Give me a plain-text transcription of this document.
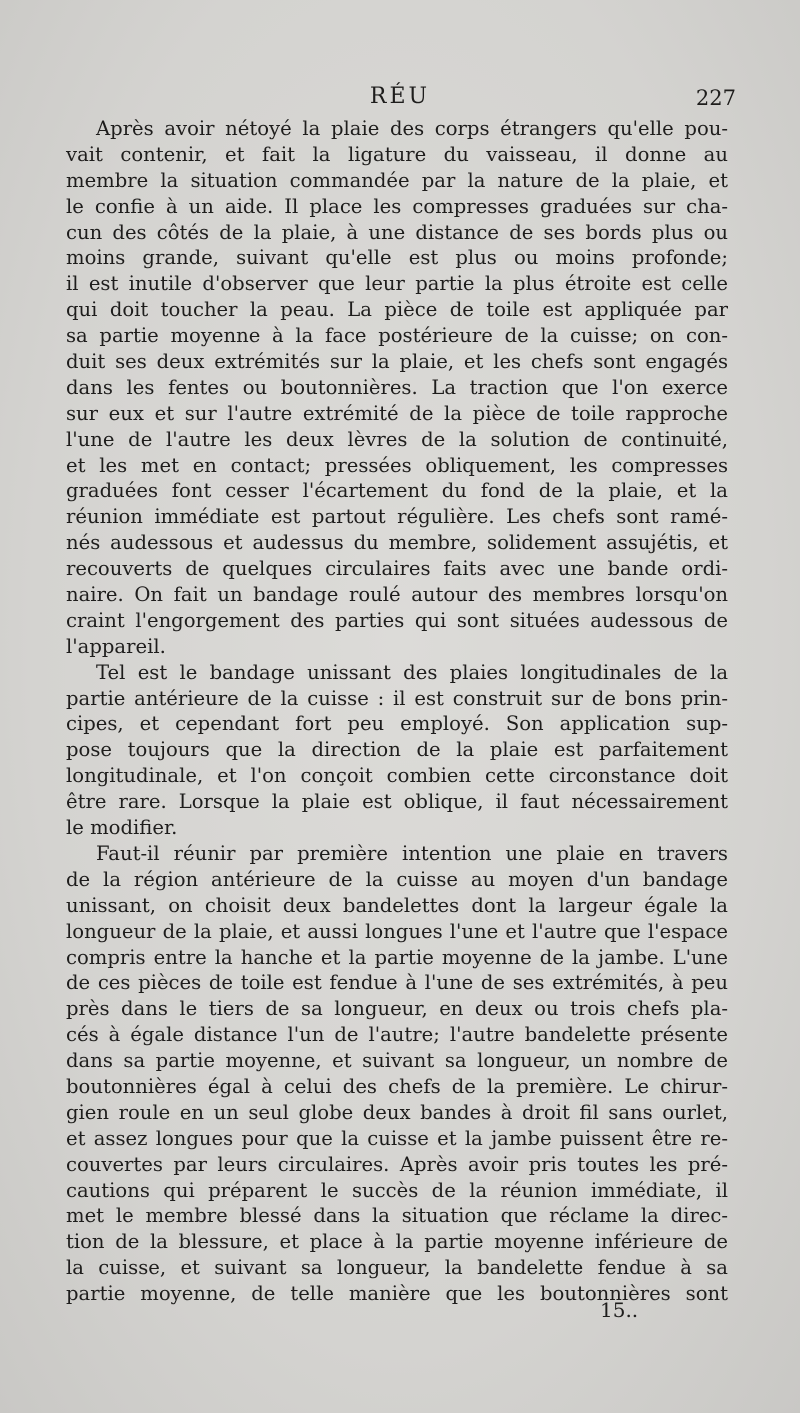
RÉU	227
Après avoir nétoyé la plaie des corps étrangers qu'elle pou-
vait contenir, et fait la ligature du vaisseau, il donne au
membre la situation commandée par la nature de la plaie, et
le confie à un aide. Il place les compresses graduées sur cha-
cun des côtés de la plaie, à une distance de ses bords plus ou
moins grande, suivant qu'elle est plus ou moins profonde;
il est inutile d'observer que leur partie la plus étroite est celle
qui doit toucher la peau. La pièce de toile est appliquée par
sa partie moyenne à la face postérieure de la cuisse; on con-
duit ses deux extrémités sur la plaie, et les chefs sont engagés
dans les fentes ou boutonnières. La traction que l'on exerce
sur eux et sur l'autre extrémité de la pièce de toile rapproche
l'une de l'autre les deux lèvres de la solution de continuité,
et les met en contact; pressées obliquement, les compresses
graduées font cesser l'écartement du fond de la plaie, et la
réunion immédiate est partout régulière. Les chefs sont ramé-
nés audessous et audessus du membre, solidement assujétis, et
recouverts de quelques circulaires faits avec une bande ordi-
naire. On fait un bandage roulé autour des membres lorsqu'on
craint l'engorgement des parties qui sont situées audessous de
l'appareil.
Tel est le bandage unissant des plaies longitudinales de la
partie antérieure de la cuisse : il est construit sur de bons prin-
cipes, et cependant fort peu employé. Son application sup-
pose toujours que la direction de la plaie est parfaitement
longitudinale, et l'on conçoit combien cette circonstance doit
être rare. Lorsque la plaie est oblique, il faut nécessairement
le modifier.
Faut-il réunir par première intention une plaie en travers
de la région antérieure de la cuisse au moyen d'un bandage
unissant, on choisit deux bandelettes dont la largeur égale la
longueur de la plaie, et aussi longues l'une et l'autre que l'espace
compris entre la hanche et la partie moyenne de la jambe. L'une
de ces pièces de toile est fendue à l'une de ses extrémités, à peu
près dans le tiers de sa longueur, en deux ou trois chefs pla-
cés à égale distance l'un de l'autre; l'autre bandelette présente
dans sa partie moyenne, et suivant sa longueur, un nombre de
boutonnières égal à celui des chefs de la première. Le chirur-
gien roule en un seul globe deux bandes à droit fil sans ourlet,
et assez longues pour que la cuisse et la jambe puissent être re-
couvertes par leurs circulaires. Après avoir pris toutes les pré-
cautions qui préparent le succès de la réunion immédiate, il
met le membre blessé dans la situation que réclame la direc-
tion de la blessure, et place à la partie moyenne inférieure de
la cuisse, et suivant sa longueur, la bandelette fendue à sa
partie moyenne, de telle manière que les boutonnières sont
15..
